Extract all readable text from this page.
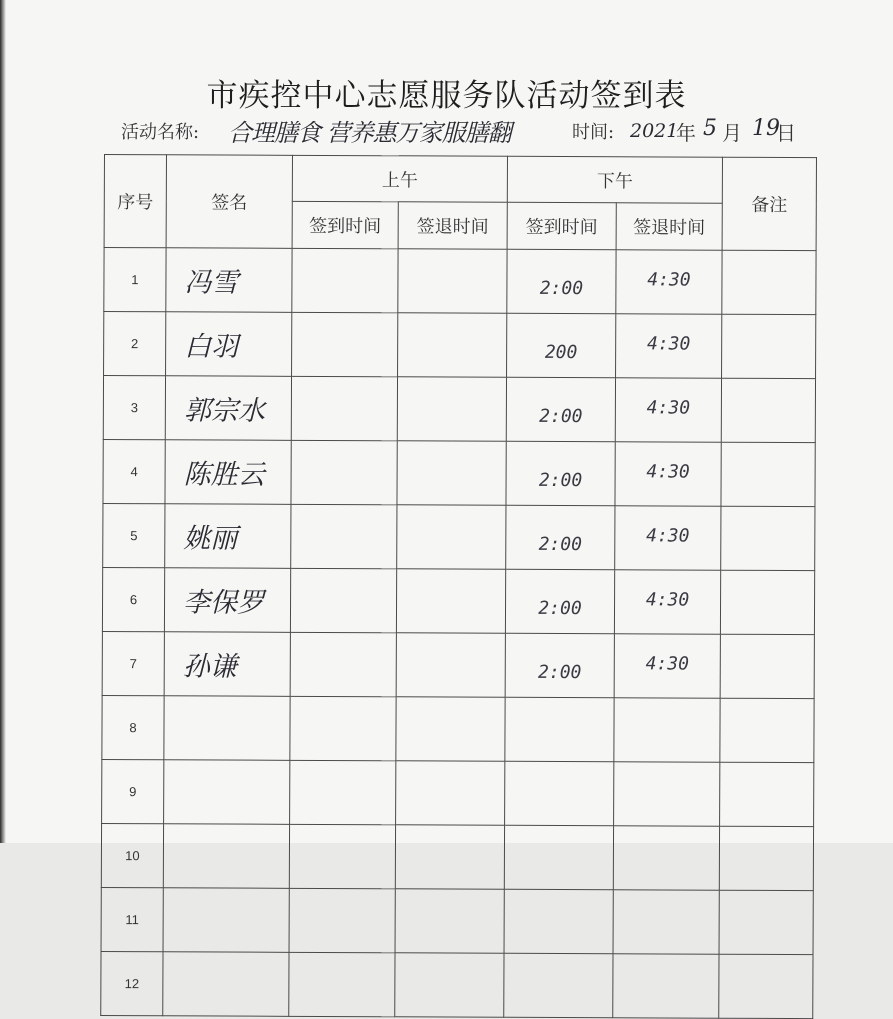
市疾控中心志愿服务队活动签到表
活动名称: 合理膳食 营养惠万家服膳翻	时间: 2021
年 5 月 19
日
序号	签名	上午		下午		备注
		签到时间	签退时间	签到时间	签退时间	
1	冯雪			2:00	4:30	
2	白羽			200	4:30	
3	郭宗水			2:00	4:30	
4	陈胜云			2:00	4:30	
5	姚丽			2:00	4:30	
6	李保罗			2:00	4:30	
7	孙谦			2:00	4:30	
8						
9						
10						
11						
12						
